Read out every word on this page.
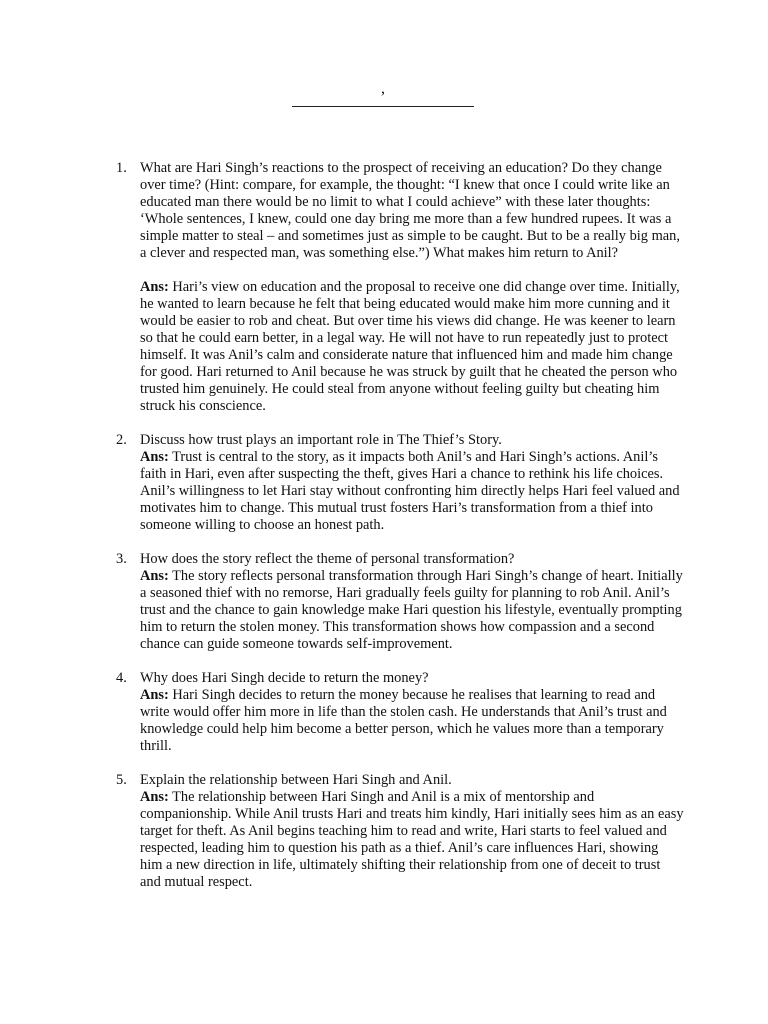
,
1. What are Hari Singh’s reactions to the prospect of receiving an education? Do they change over time? (Hint: compare, for example, the thought: “I knew that once I could write like an educated man there would be no limit to what I could achieve” with these later thoughts: ‘Whole sentences, I knew, could one day bring me more than a few hundred rupees. It was a simple matter to steal – and sometimes just as simple to be caught. But to be a really big man, a clever and respected man, was something else.”) What makes him return to Anil?
Ans: Hari’s view on education and the proposal to receive one did change over time. Initially, he wanted to learn because he felt that being educated would make him more cunning and it would be easier to rob and cheat. But over time his views did change. He was keener to learn so that he could earn better, in a legal way. He will not have to run repeatedly just to protect himself. It was Anil’s calm and considerate nature that influenced him and made him change for good. Hari returned to Anil because he was struck by guilt that he cheated the person who trusted him genuinely. He could steal from anyone without feeling guilty but cheating him struck his conscience.
2. Discuss how trust plays an important role in The Thief’s Story.
Ans: Trust is central to the story, as it impacts both Anil’s and Hari Singh’s actions. Anil’s faith in Hari, even after suspecting the theft, gives Hari a chance to rethink his life choices. Anil’s willingness to let Hari stay without confronting him directly helps Hari feel valued and motivates him to change. This mutual trust fosters Hari’s transformation from a thief into someone willing to choose an honest path.
3. How does the story reflect the theme of personal transformation?
Ans: The story reflects personal transformation through Hari Singh’s change of heart. Initially a seasoned thief with no remorse, Hari gradually feels guilty for planning to rob Anil. Anil’s trust and the chance to gain knowledge make Hari question his lifestyle, eventually prompting him to return the stolen money. This transformation shows how compassion and a second chance can guide someone towards self-improvement.
4. Why does Hari Singh decide to return the money?
Ans: Hari Singh decides to return the money because he realises that learning to read and write would offer him more in life than the stolen cash. He understands that Anil’s trust and knowledge could help him become a better person, which he values more than a temporary thrill.
5. Explain the relationship between Hari Singh and Anil.
Ans: The relationship between Hari Singh and Anil is a mix of mentorship and companionship. While Anil trusts Hari and treats him kindly, Hari initially sees him as an easy target for theft. As Anil begins teaching him to read and write, Hari starts to feel valued and respected, leading him to question his path as a thief. Anil’s care influences Hari, showing him a new direction in life, ultimately shifting their relationship from one of deceit to trust and mutual respect.
